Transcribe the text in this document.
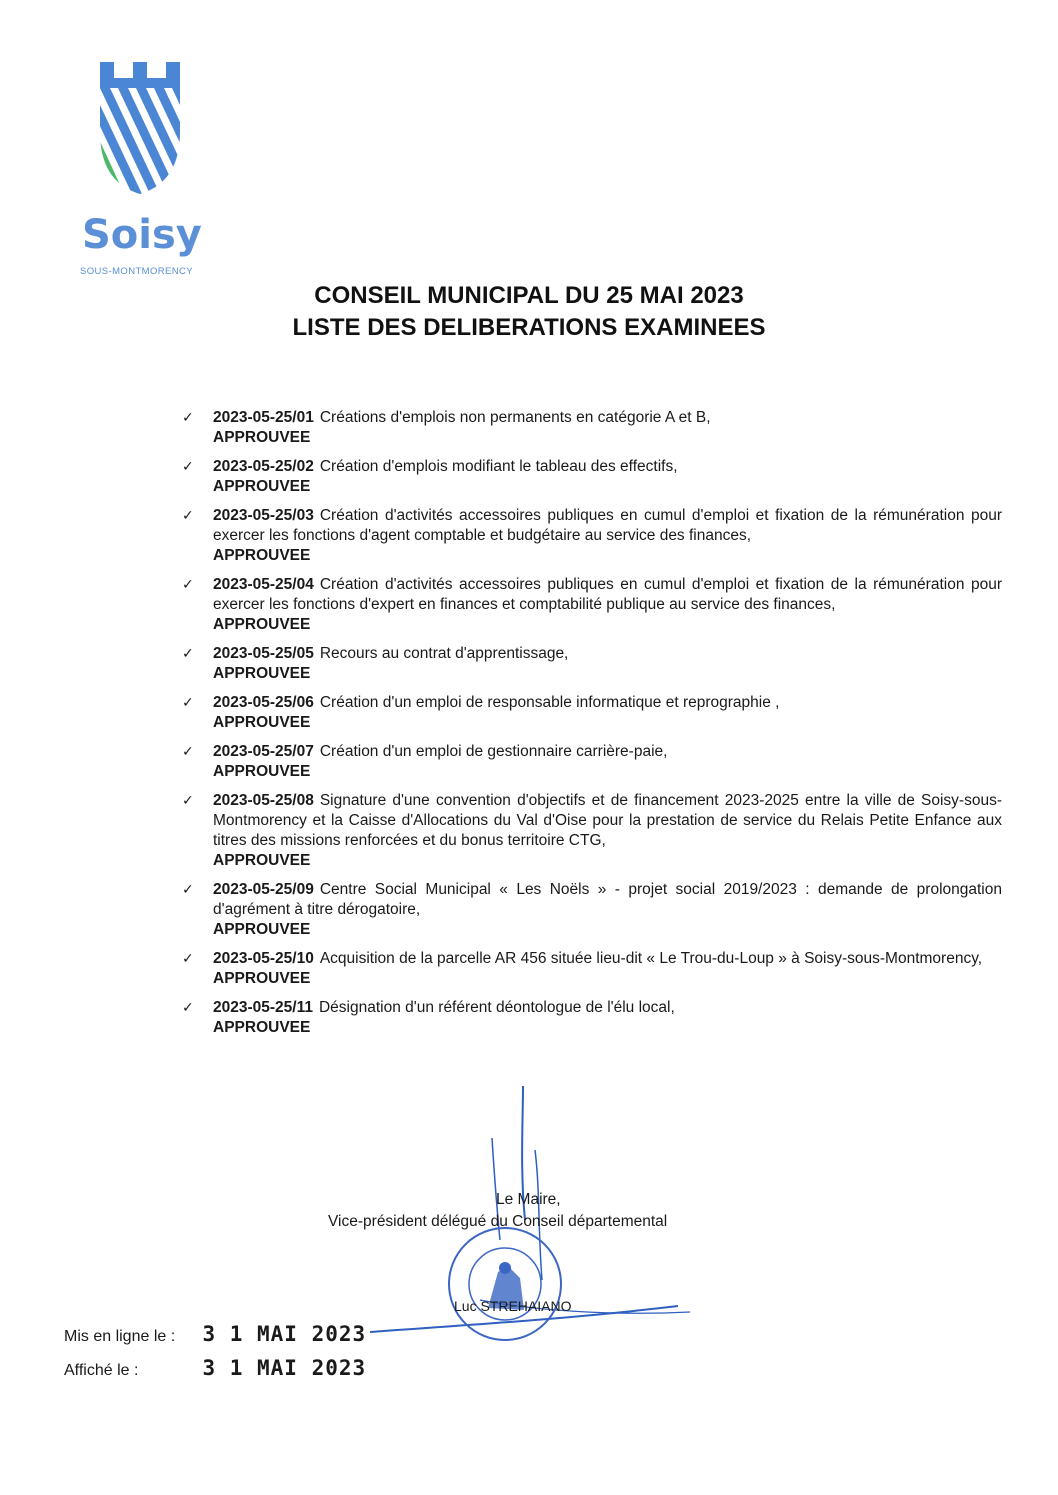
Soisy
SOUS-MONTMORENCY
CONSEIL MUNICIPAL DU 25 MAI 2023
LISTE DES DELIBERATIONS EXAMINEES
✓ 2023-05-25/01 Créations d'emplois non permanents en catégorie A et B,
APPROUVEE
✓ 2023-05-25/02 Création d'emplois modifiant le tableau des effectifs,
APPROUVEE
✓ 2023-05-25/03 Création d'activités accessoires publiques en cumul d'emploi et fixation de la rémunération pour exercer les fonctions d'agent comptable et budgétaire au service des finances,
APPROUVEE
✓ 2023-05-25/04 Création d'activités accessoires publiques en cumul d'emploi et fixation de la rémunération pour exercer les fonctions d'expert en finances et comptabilité publique au service des finances,
APPROUVEE
✓ 2023-05-25/05 Recours au contrat d'apprentissage,
APPROUVEE
✓ 2023-05-25/06 Création d'un emploi de responsable informatique et reprographie ,
APPROUVEE
✓ 2023-05-25/07 Création d'un emploi de gestionnaire carrière-paie,
APPROUVEE
✓ 2023-05-25/08 Signature d'une convention d'objectifs et de financement 2023-2025 entre la ville de Soisy-sous-Montmorency et la Caisse d'Allocations du Val d'Oise pour la prestation de service du Relais Petite Enfance aux titres des missions renforcées et du bonus territoire CTG,
APPROUVEE
✓ 2023-05-25/09 Centre Social Municipal « Les Noëls » - projet social 2019/2023 : demande de prolongation d'agrément à titre dérogatoire,
APPROUVEE
✓ 2023-05-25/10 Acquisition de la parcelle AR 456 située lieu-dit « Le Trou-du-Loup » à Soisy-sous-Montmorency,
APPROUVEE
✓ 2023-05-25/11 Désignation d'un référent déontologue de l'élu local,
APPROUVEE
Le Maire,
Vice-président délégué du Conseil départemental
Luc STREHAIANO
Mis en ligne le : 3 1 MAI 2023
Affiché le :	3 1 MAI 2023
